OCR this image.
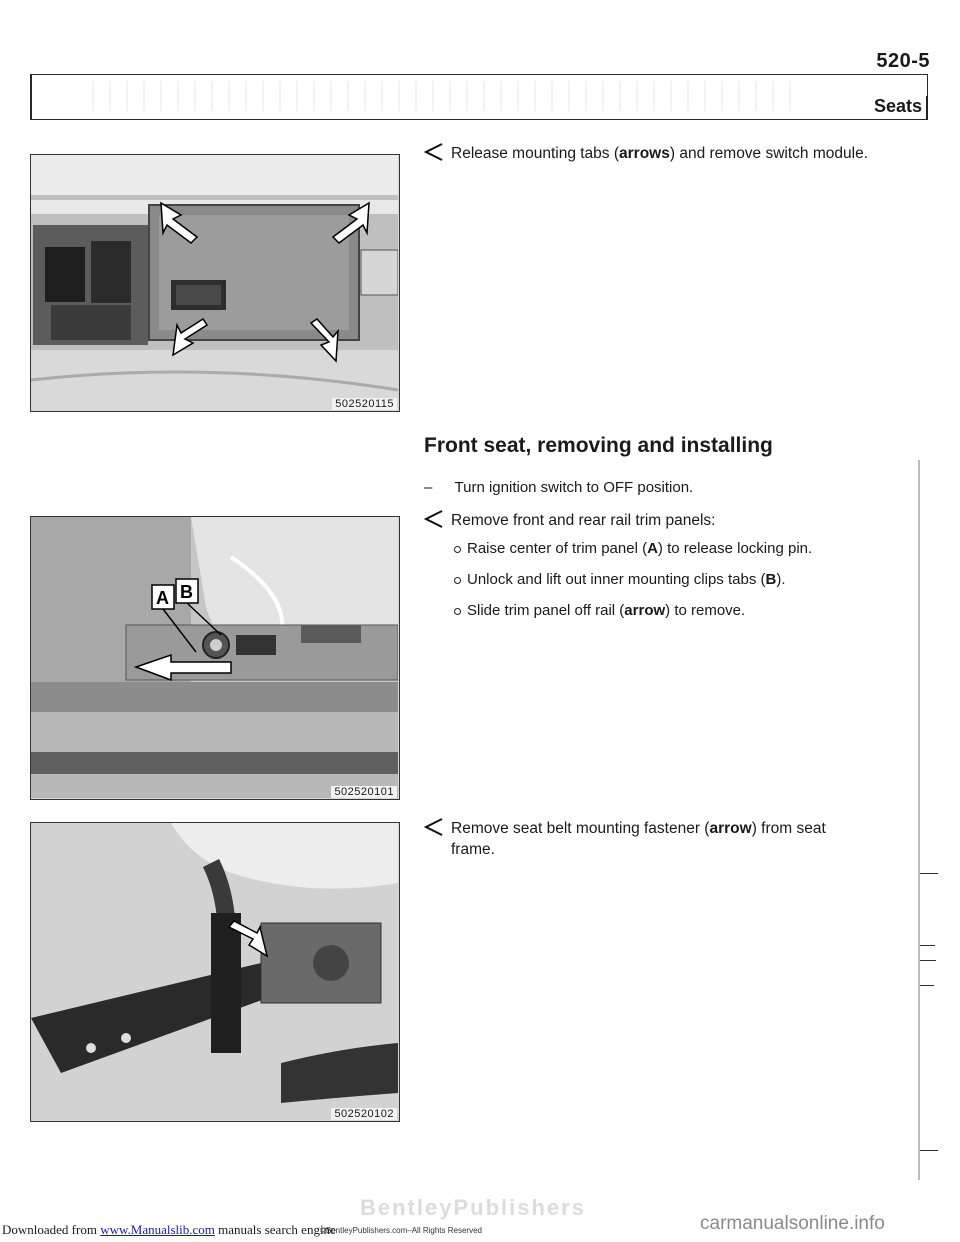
520-5
Seats
502520115
Release mounting tabs (arrows) and remove switch module.
Front seat, removing and installing
– Turn ignition switch to OFF position.
A B
502520101
Remove front and rear rail trim panels:
Raise center of trim panel (A) to release locking pin.
Unlock and lift out inner mounting clips tabs (B).
Slide trim panel off rail (arrow) to remove.
502520102
Remove seat belt mounting fastener (arrow) from seat
frame.
BentleyPublishers
Downloaded from www.Manualslib.com manuals search engine
©BentleyPublishers.com–All Rights Reserved	carmanualsonline.info
